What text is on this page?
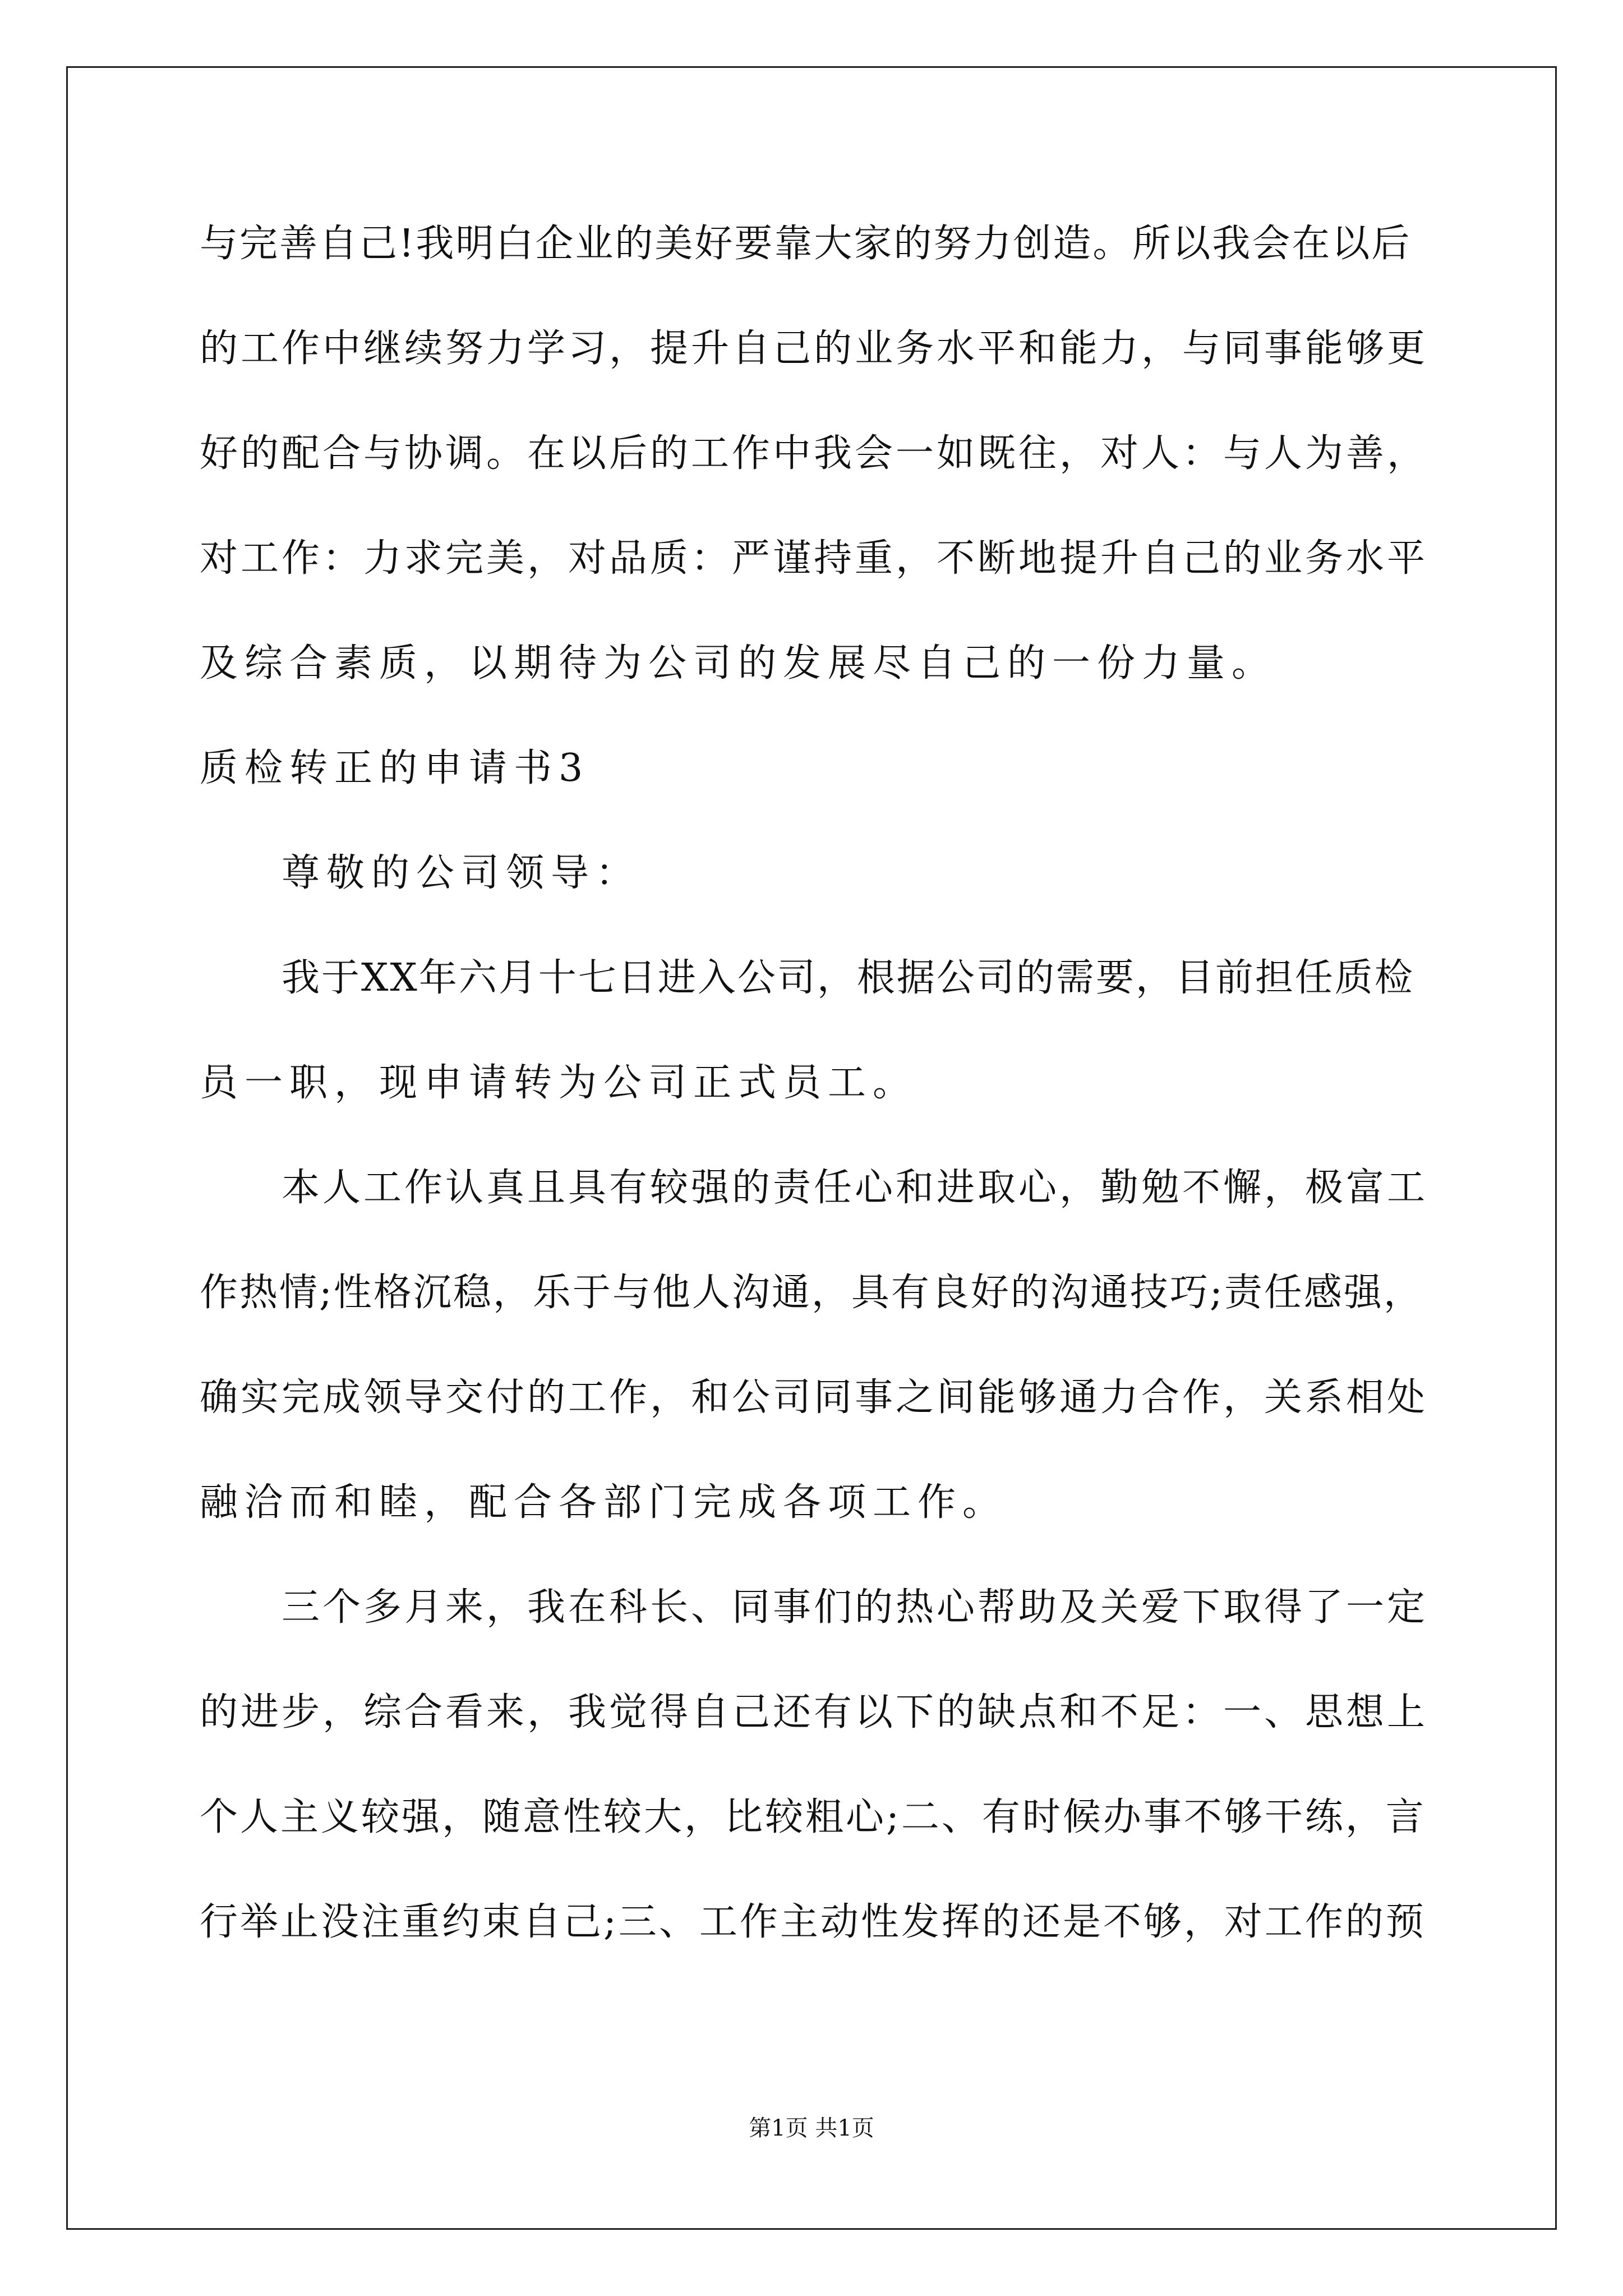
与完善自己!我明白企业的美好要靠大家的努力创造。所以我会在以后
的工作中继续努力学习，提升自己的业务水平和能力，与同事能够更
好的配合与协调。在以后的工作中我会一如既往，对人：与人为善，
对工作：力求完美，对品质：严谨持重，不断地提升自己的业务水平
及综合素质，以期待为公司的发展尽自己的一份力量。
质检转正的申请书3
尊敬的公司领导：
我于XX年六月十七日进入公司，根据公司的需要，目前担任质检
员一职，现申请转为公司正式员工。
本人工作认真且具有较强的责任心和进取心，勤勉不懈，极富工
作热情;性格沉稳，乐于与他人沟通，具有良好的沟通技巧;责任感强，
确实完成领导交付的工作，和公司同事之间能够通力合作，关系相处
融洽而和睦，配合各部门完成各项工作。
三个多月来，我在科长、同事们的热心帮助及关爱下取得了一定
的进步，综合看来，我觉得自己还有以下的缺点和不足：一、思想上
个人主义较强，随意性较大，比较粗心;二、有时候办事不够干练，言
行举止没注重约束自己;三、工作主动性发挥的还是不够，对工作的预
第1页 共1页
